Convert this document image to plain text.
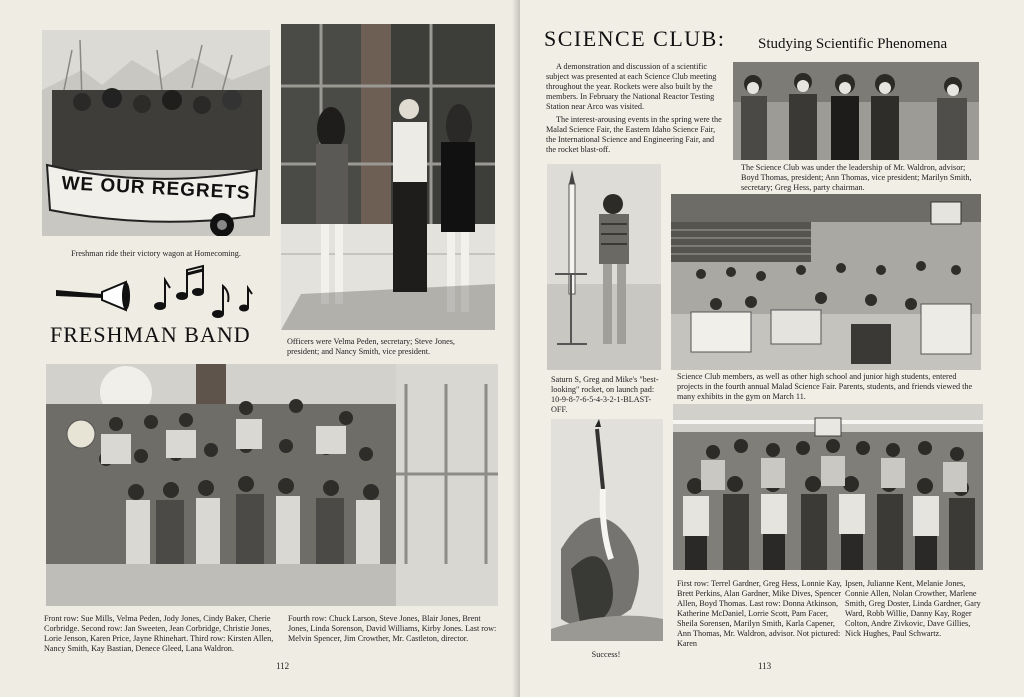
WE OUR REGRETS
Freshman ride their victory wagon at Homecoming.
Officers were Velma Peden, secretary; Steve Jones, president; and Nancy Smith, vice president.
FRESHMAN BAND
Front row: Sue Mills, Velma Peden, Jody Jones, Cindy Baker, Cherie Corbridge. Second row: Jan Sweeten, Jean Corbridge, Christie Jones, Lorie Jenson, Karen Price, Jayne Rhinehart. Third row: Kirsten Allen, Nancy Smith, Kay Bastian, Denece Gleed, Lana Waldron.
Fourth row: Chuck Larson, Steve Jones, Blair Jones, Brent Jones, Linda Sorenson, David Williams, Kirby Jones. Last row: Melvin Spencer, Jim Crowther, Mr. Castleton, director.
112
SCIENCE CLUB: Studying Scientific Phenomena
A demonstration and discussion of a scientific subject was presented at each Science Club meeting throughout the year. Rockets were also built by the members. In February the National Reactor Testing Station near Arco was visited.
The interest-arousing events in the spring were the Malad Science Fair, the Eastern Idaho Science Fair, the International Science and Engineering Fair, and the rocket blast-off.
The Science Club was under the leadership of Mr. Waldron, advisor; Boyd Thomas, president; Ann Thomas, vice president; Marilyn Smith, secretary; Greg Hess, party chairman.
Saturn S, Greg and Mike's "best-looking" rocket, on launch pad: 10-9-8-7-6-5-4-3-2-1-BLAST-OFF.
Science Club members, as well as other high school and junior high students, entered projects in the fourth annual Malad Science Fair. Parents, students, and friends viewed the many exhibits in the gym on March 11.
Success!
First row: Terrel Gardner, Greg Hess, Lonnie Kay, Brett Perkins, Alan Gardner, Mike Dives, Spencer Allen, Boyd Thomas. Last row: Donna Atkinson, Katherine McDaniel, Lorrie Scott, Pam Facer, Sheila Sorensen, Marilyn Smith, Karla Capener, Ann Thomas, Mr. Waldron, advisor. Not pictured: Karen
Ipsen, Julianne Kent, Melanie Jones, Connie Allen, Nolan Crowther, Marlene Smith, Greg Doster, Linda Gardner, Gary Ward, Robb Willie, Danny Kay, Roger Colton, Andre Zivkovic, Dave Gillies, Nick Hughes, Paul Schwartz.
113
